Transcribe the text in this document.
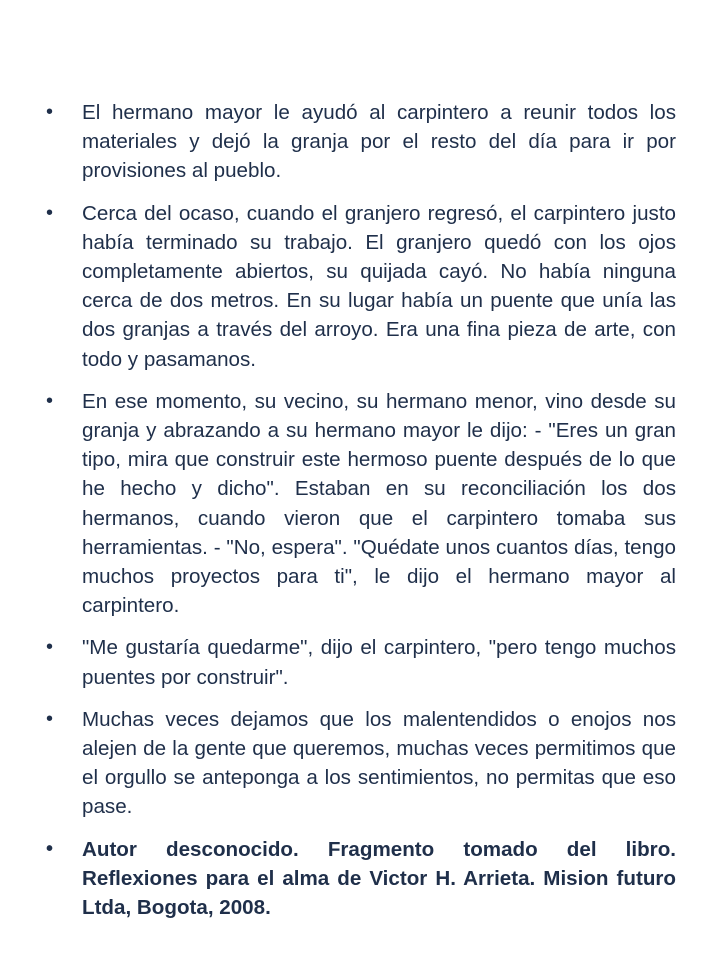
• El hermano mayor le ayudó al carpintero a reunir todos los materiales y dejó la granja por el resto del día para ir por provisiones al pueblo.
• Cerca del ocaso, cuando el granjero regresó, el carpintero justo había terminado su trabajo. El granjero quedó con los ojos completamente abiertos, su quijada cayó. No había ninguna cerca de dos metros. En su lugar había un puente que unía las dos granjas a través del arroyo. Era una fina pieza de arte, con todo y pasamanos.
• En ese momento, su vecino, su hermano menor, vino desde su granja y abrazando a su hermano mayor le dijo: - "Eres un gran tipo, mira que construir este hermoso puente después de lo que he hecho y dicho". Estaban en su reconciliación los dos hermanos, cuando vieron que el carpintero tomaba sus herramientas. - "No, espera". "Quédate unos cuantos días, tengo muchos proyectos para ti", le dijo el hermano mayor al carpintero.
• "Me gustaría quedarme", dijo el carpintero, "pero tengo muchos puentes por construir".
• Muchas veces dejamos que los malentendidos o enojos nos alejen de la gente que queremos, muchas veces permitimos que el orgullo se anteponga a los sentimientos, no permitas que eso pase.
• Autor desconocido. Fragmento tomado del libro. Reflexiones para el alma de Victor H. Arrieta. Mision futuro Ltda, Bogota, 2008.
